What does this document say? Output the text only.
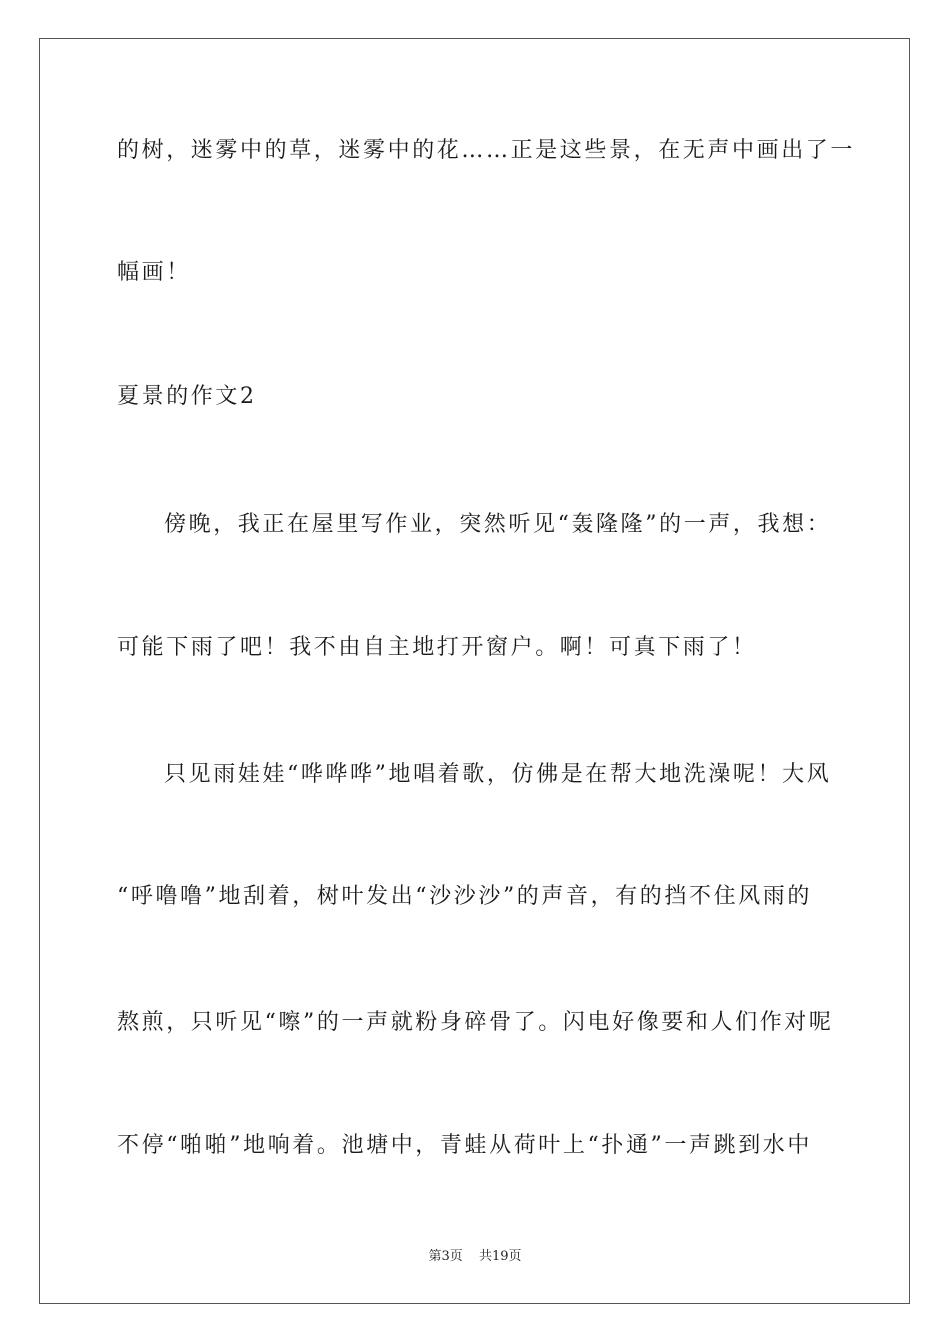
的树，迷雾中的草，迷雾中的花……正是这些景，在无声中画出了一
幅画！
夏景的作文2
傍晚，我正在屋里写作业，突然听见“轰隆隆”的一声，我想：
可能下雨了吧！我不由自主地打开窗户。啊！可真下雨了！
只见雨娃娃“哗哗哗”地唱着歌，仿佛是在帮大地洗澡呢！大风
“呼噜噜”地刮着，树叶发出“沙沙沙”的声音，有的挡不住风雨的
熬煎，只听见“嚓”的一声就粉身碎骨了。闪电好像要和人们作对呢
不停“啪啪”地响着。池塘中，青蛙从荷叶上“扑通”一声跳到水中
第3页 共19页
